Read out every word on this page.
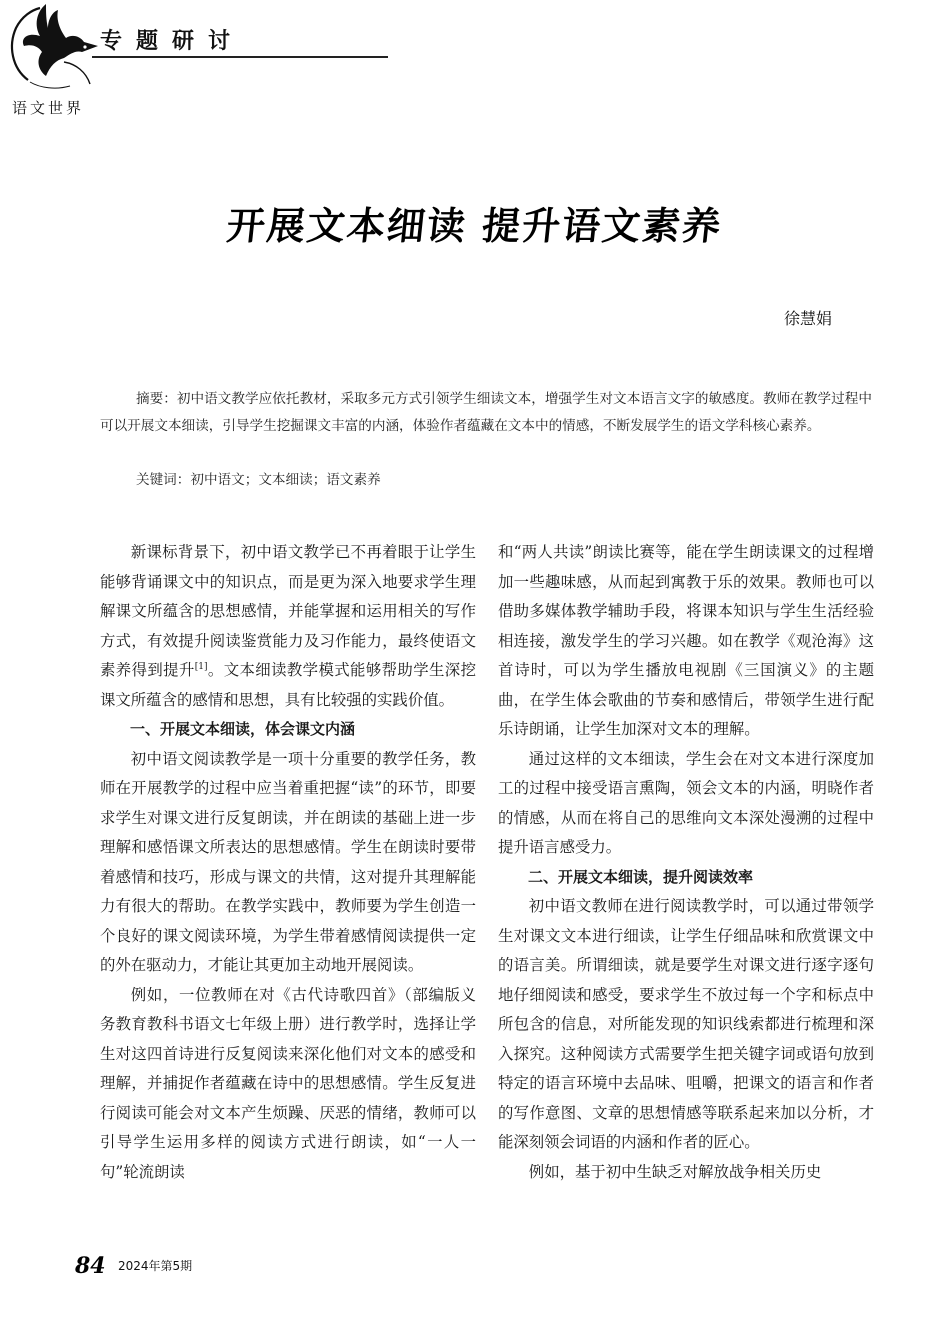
专题研讨
语文世界
开展文本细读 提升语文素养
徐慧娟
摘要：初中语文教学应依托教材，采取多元方式引领学生细读文本，增强学生对文本语言文字的敏感度。教师在教学过程中可以开展文本细读，引导学生挖掘课文丰富的内涵，体验作者蕴藏在文本中的情感，不断发展学生的语文学科核心素养。
关键词：初中语文；文本细读；语文素养

新课标背景下，初中语文教学已不再着眼于让学生能够背诵课文中的知识点，而是更为深入地要求学生理解课文所蕴含的思想感情，并能掌握和运用相关的写作方式，有效提升阅读鉴赏能力及习作能力，最终使语文素养得到提升[1]。文本细读教学模式能够帮助学生深挖课文所蕴含的感情和思想，具有比较强的实践价值。

一、开展文本细读，体会课文内涵

初中语文阅读教学是一项十分重要的教学任务，教师在开展教学的过程中应当着重把握“读”的环节，即要求学生对课文进行反复朗读，并在朗读的基础上进一步理解和感悟课文所表达的思想感情。学生在朗读时要带着感情和技巧，形成与课文的共情，这对提升其理解能力有很大的帮助。在教学实践中，教师要为学生创造一个良好的课文阅读环境，为学生带着感情阅读提供一定的外在驱动力，才能让其更加主动地开展阅读。

例如，一位教师在对《古代诗歌四首》（部编版义务教育教科书语文七年级上册）进行教学时，选择让学生对这四首诗进行反复阅读来深化他们对文本的感受和理解，并捕捉作者蕴藏在诗中的思想感情。学生反复进行阅读可能会对文本产生烦躁、厌恶的情绪，教师可以引导学生运用多样的阅读方式进行朗读，如“一人一句”轮流朗读

和“两人共读”朗读比赛等，能在学生朗读课文的过程增加一些趣味感，从而起到寓教于乐的效果。教师也可以借助多媒体教学辅助手段，将课本知识与学生生活经验相连接，激发学生的学习兴趣。如在教学《观沧海》这首诗时，可以为学生播放电视剧《三国演义》的主题曲，在学生体会歌曲的节奏和感情后，带领学生进行配乐诗朗诵，让学生加深对文本的理解。

通过这样的文本细读，学生会在对文本进行深度加工的过程中接受语言熏陶，领会文本的内涵，明晓作者的情感，从而在将自己的思维向文本深处漫溯的过程中提升语言感受力。

二、开展文本细读，提升阅读效率

初中语文教师在进行阅读教学时，可以通过带领学生对课文文本进行细读，让学生仔细品味和欣赏课文中的语言美。所谓细读，就是要学生对课文进行逐字逐句地仔细阅读和感受，要求学生不放过每一个字和标点中所包含的信息，对所能发现的知识线索都进行梳理和深入探究。这种阅读方式需要学生把关键字词或语句放到特定的语言环境中去品味、咀嚼，把课文的语言和作者的写作意图、文章的思想情感等联系起来加以分析，才能深刻领会词语的内涵和作者的匠心。

例如，基于初中生缺乏对解放战争相关历史

84 2024年第5期
